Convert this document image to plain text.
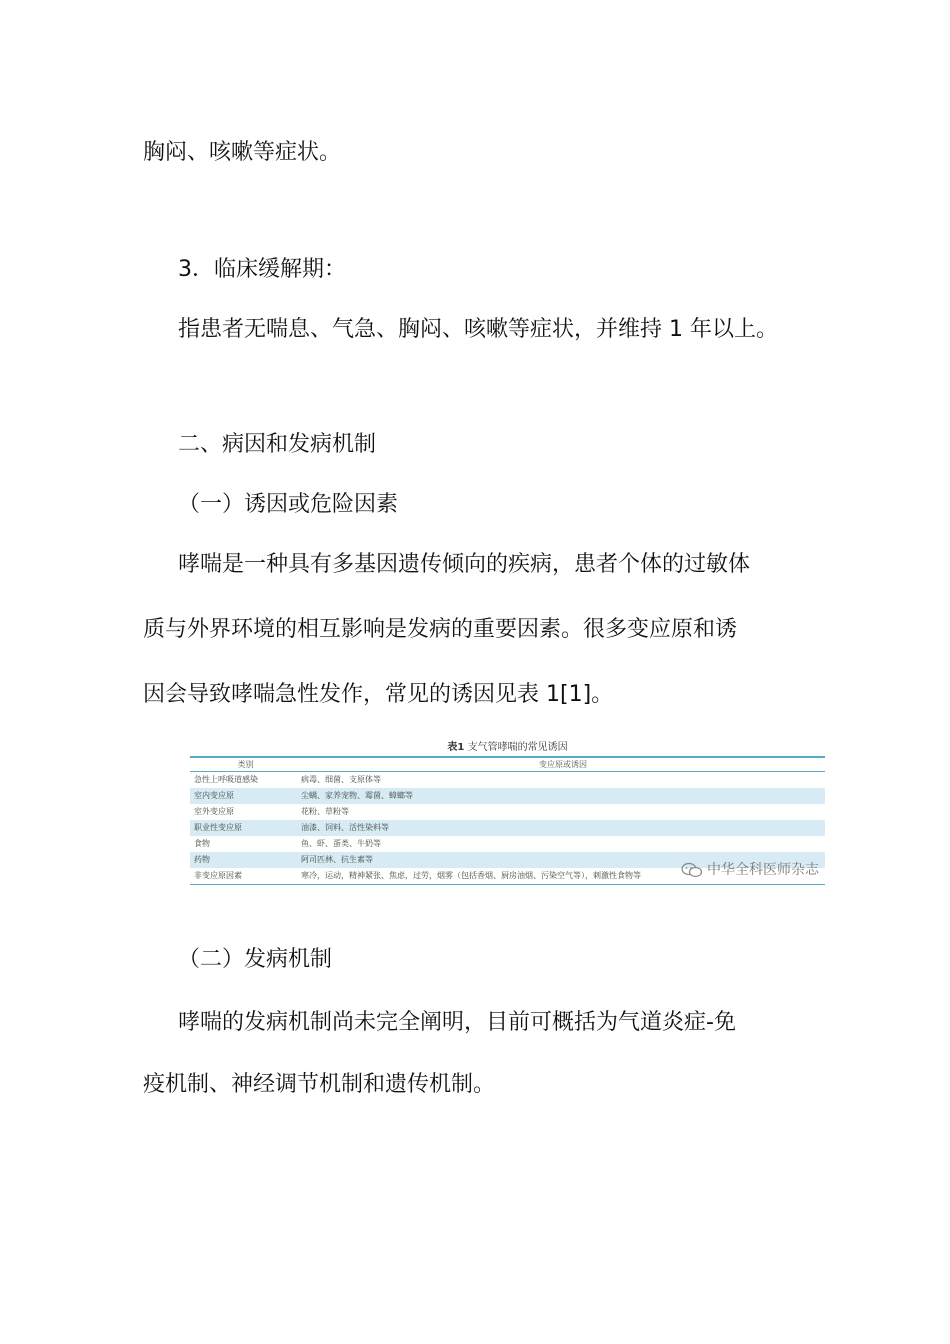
胸闷、咳嗽等症状。

3．临床缓解期：

指患者无喘息、气急、胸闷、咳嗽等症状，并维持 1 年以上。

二、病因和发病机制

（一）诱因或危险因素

哮喘是一种具有多基因遗传倾向的疾病，患者个体的过敏体

质与外界环境的相互影响是发病的重要因素。很多变应原和诱

因会导致哮喘急性发作，常见的诱因见表 1[1]。

表1 支气管哮喘的常见诱因

类别	变应原或诱因
急性上呼吸道感染	病毒、细菌、支原体等
室内变应原	尘螨、家养宠物、霉菌、蟑螂等
室外变应原	花粉、草粉等
职业性变应原	油漆、饲料、活性染料等
食物	鱼、虾、蛋类、牛奶等
药物	阿司匹林、抗生素等
非变应原因素	寒冷，运动，精神紧张、焦虑，过劳，烟雾（包括香烟、厨房油烟、污染空气等），刺激性食物等	中华全科医师杂志

（二）发病机制

哮喘的发病机制尚未完全阐明，目前可概括为气道炎症-免

疫机制、神经调节机制和遗传机制。
